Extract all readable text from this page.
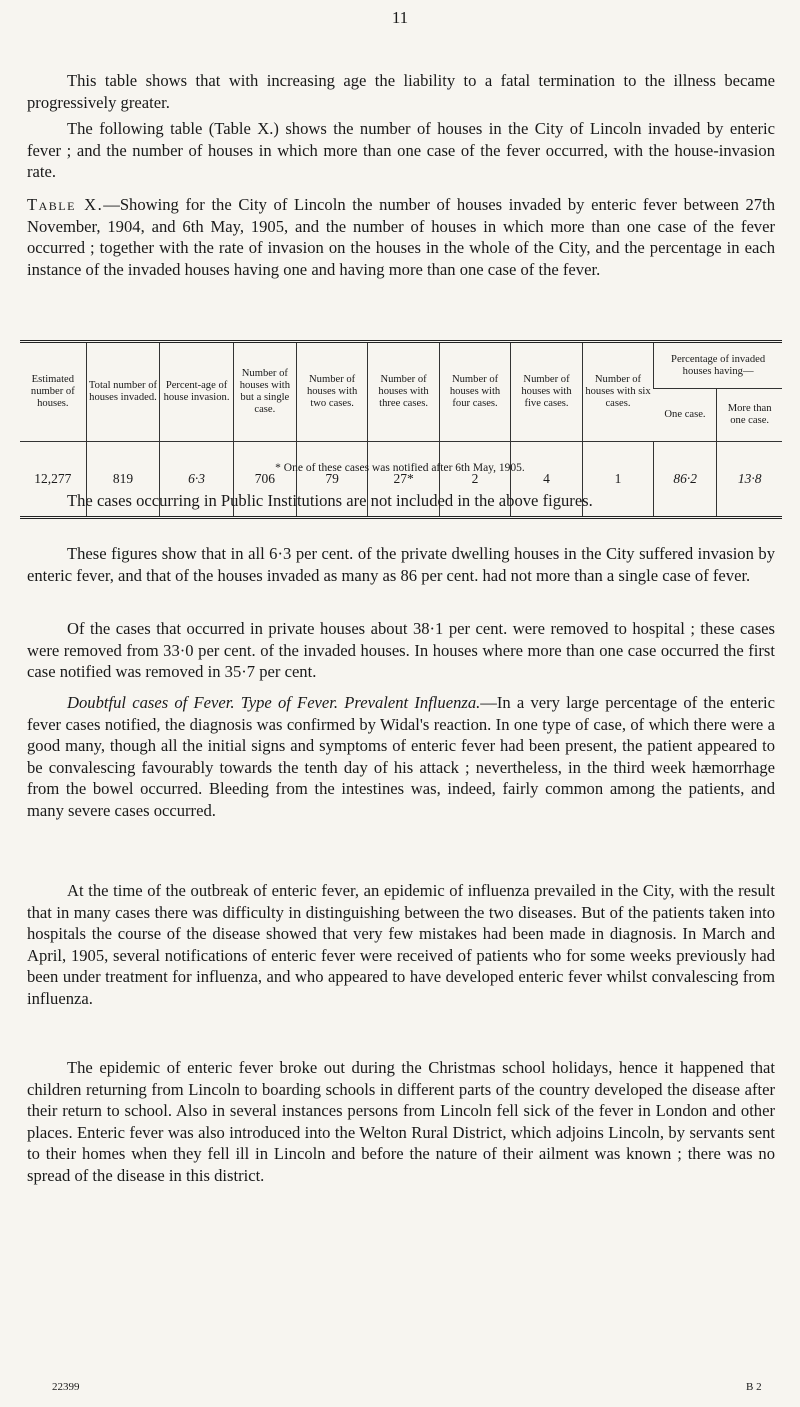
11

This table shows that with increasing age the liability to a fatal termination to the illness became progressively greater.

The following table (Table X.) shows the number of houses in the City of Lincoln invaded by enteric fever ; and the number of houses in which more than one case of the fever occurred, with the house-invasion rate.

Table X.—Showing for the City of Lincoln the number of houses invaded by enteric fever between 27th November, 1904, and 6th May, 1905, and the number of houses in which more than one case of the fever occurred ; together with the rate of invasion on the houses in the whole of the City, and the percentage in each instance of the invaded houses having one and having more than one case of the fever.

Estimated number of houses.	Total number of houses invaded.	Percent-age of house invasion.	Number of houses with but a single case.	Number of houses with two cases.	Number of houses with three cases.	Number of houses with four cases.	Number of houses with five cases.	Number of houses with six cases.	Percentage of invaded houses having—	
									One case.	More than one case.
12,277	819	6·3	706	79	27*	2	4	1	86·2	13·8
* One of these cases was notified after 6th May, 1905.

The cases occurring in Public Institutions are not included in the above figures.

These figures show that in all 6·3 per cent. of the private dwelling houses in the City suffered invasion by enteric fever, and that of the houses invaded as many as 86 per cent. had not more than a single case of fever.

Of the cases that occurred in private houses about 38·1 per cent. were removed to hospital ; these cases were removed from 33·0 per cent. of the invaded houses. In houses where more than one case occurred the first case notified was removed in 35·7 per cent.

Doubtful cases of Fever. Type of Fever. Prevalent Influenza.—In a very large percentage of the enteric fever cases notified, the diagnosis was confirmed by Widal's reaction. In one type of case, of which there were a good many, though all the initial signs and symptoms of enteric fever had been present, the patient appeared to be convalescing favourably towards the tenth day of his attack ; nevertheless, in the third week hæmorrhage from the bowel occurred. Bleeding from the intestines was, indeed, fairly common among the patients, and many severe cases occurred.

At the time of the outbreak of enteric fever, an epidemic of influenza prevailed in the City, with the result that in many cases there was difficulty in distinguishing between the two diseases. But of the patients taken into hospitals the course of the disease showed that very few mistakes had been made in diagnosis. In March and April, 1905, several notifications of enteric fever were received of patients who for some weeks previously had been under treatment for influenza, and who appeared to have developed enteric fever whilst convalescing from influenza.

The epidemic of enteric fever broke out during the Christmas school holidays, hence it happened that children returning from Lincoln to boarding schools in different parts of the country developed the disease after their return to school. Also in several instances persons from Lincoln fell sick of the fever in London and other places. Enteric fever was also introduced into the Welton Rural District, which adjoins Lincoln, by servants sent to their homes when they fell ill in Lincoln and before the nature of their ailment was known ; there was no spread of the disease in this district.

22399	B 2
